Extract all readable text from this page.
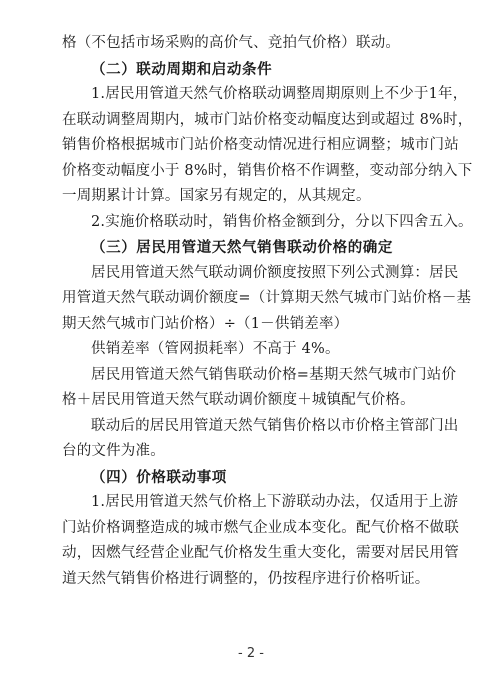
格（不包括市场采购的高价气、竞拍气价格）联动。
（二）联动周期和启动条件
1.居民用管道天然气价格联动调整周期原则上不少于1年，
在联动调整周期内，城市门站价格变动幅度达到或超过 8%时，
销售价格根据城市门站价格变动情况进行相应调整；城市门站
价格变动幅度小于 8%时，销售价格不作调整，变动部分纳入下
一周期累计计算。国家另有规定的，从其规定。
2.实施价格联动时，销售价格金额到分，分以下四舍五入。
（三）居民用管道天然气销售联动价格的确定
居民用管道天然气联动调价额度按照下列公式测算：居民
用管道天然气联动调价额度=（计算期天然气城市门站价格－基
期天然气城市门站价格）÷（1－供销差率）
供销差率（管网损耗率）不高于 4%。
居民用管道天然气销售联动价格=基期天然气城市门站价
格＋居民用管道天然气联动调价额度＋城镇配气价格。
联动后的居民用管道天然气销售价格以市价格主管部门出
台的文件为准。
（四）价格联动事项
1.居民用管道天然气价格上下游联动办法，仅适用于上游
门站价格调整造成的城市燃气企业成本变化。配气价格不做联
动，因燃气经营企业配气价格发生重大变化，需要对居民用管
道天然气销售价格进行调整的，仍按程序进行价格听证。
- 2 -
